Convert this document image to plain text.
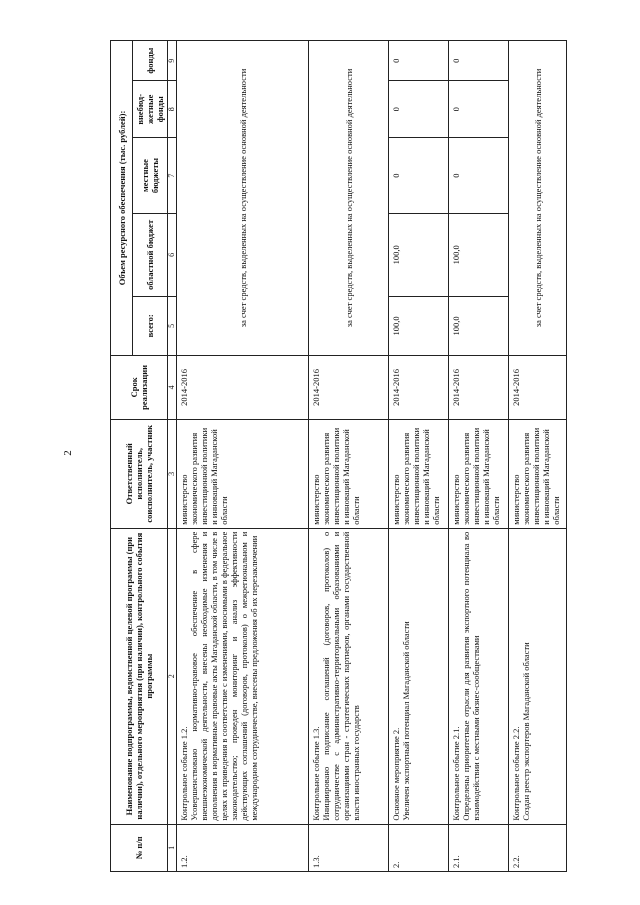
2
№ п/п	Наименование подпрограммы, ведомственной целевой программы (при наличии), отдельного мероприятия (при наличии), контрольного события программы	Ответственный исполнитель, соисполнитель, участник	Срок реализации	Объем ресурсного обеспечения (тыс. рублей):				
				всего:	областной бюджет	местные бюджеты	внебюд-жетные фонды	фонды
1	2	3	4	5	6	7	8	9
1.2.	Контрольное событие 1.2. Усовершенствовано нормативно-правовое обеспечение в сфере внешнеэкономической деятельности, внесены необходимые изменения и дополнения в нормативные правовые акты Магаданской области, в том числе в целях их приведения в соответствие с изменениями, вносимыми в федеральное законодательство; проведен мониторинг и анализ эффективности действующих соглашений (договоров, протоколов) о межрегиональном и международном сотрудничестве, внесены предложения об их перезаключении	министерство экономического развития инвестиционной политики и инноваций Магаданской области	2014-2016	за счет средств, выделенных на осуществление основной деятельности				
1.3.	Контрольное событие 1.3. Инициировано подписание соглашений (договоров, протоколов) о сотрудничестве с административно-территориальными образованиями и организациями стран - стратегических партнеров, органами государственной власти иностранных государств	министерство экономического развития инвестиционной политики и инноваций Магаданской области	2014-2016	за счет средств, выделенных на осуществление основной деятельности				
2.	Основное мероприятие 2. Увеличен экспортный потенциал Магаданской области	министерство экономического развития инвестиционной политики и инноваций Магаданской области	2014-2016	100,0	100,0	0	0	0
2.1.	Контрольное событие 2.1. Определены приоритетные отрасли для развития экспортного потенциала во взаимодействии с местными бизнес-сообществами	министерство экономического развития инвестиционной политики и инноваций Магаданской области	2014-2016	100,0	100,0	0	0	0
2.2.	Контрольное событие 2.2. Создан реестр экспортеров Магаданской области	министерство экономического развития инвестиционной политики и инноваций Магаданской области	2014-2016	за счет средств, выделенных на осуществление основной деятельности				
